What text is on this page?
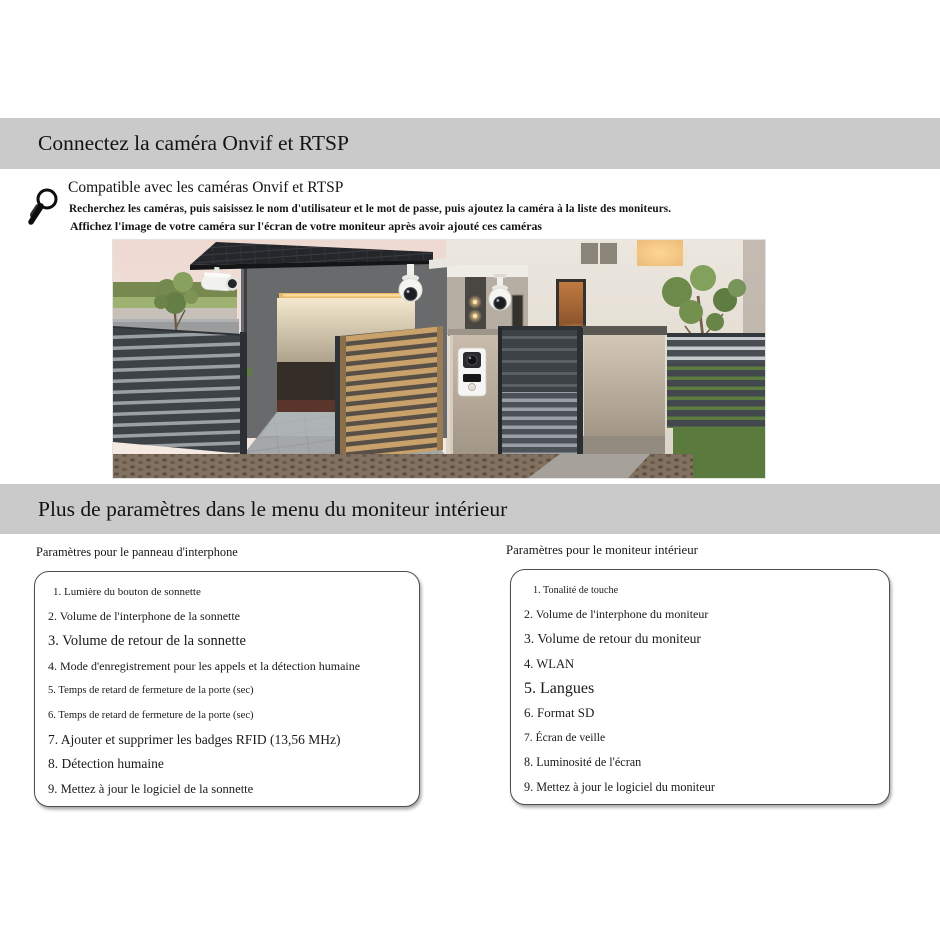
Connectez la caméra Onvif et RTSP
Compatible avec les caméras Onvif et RTSP
Recherchez les caméras, puis saisissez le nom d'utilisateur et le mot de passe, puis ajoutez la caméra à la liste des moniteurs.
Affichez l'image de votre caméra sur l'écran de votre moniteur après avoir ajouté ces caméras
Plus de paramètres dans le menu du moniteur intérieur
Paramètres pour le panneau d'interphone	Paramètres pour le moniteur intérieur
1. Lumière du bouton de sonnette
2. Volume de l'interphone de la sonnette
3. Volume de retour de la sonnette
4. Mode d'enregistrement pour les appels et la détection humaine
5. Temps de retard de fermeture de la porte (sec)
6. Temps de retard de fermeture de la porte (sec)
7. Ajouter et supprimer les badges RFID (13,56 MHz)
8. Détection humaine
9. Mettez à jour le logiciel de la sonnette
1. Tonalité de touche
2. Volume de l'interphone du moniteur
3. Volume de retour du moniteur
4. WLAN
5. Langues
6. Format SD
7. Écran de veille
8. Luminosité de l'écran
9. Mettez à jour le logiciel du moniteur
